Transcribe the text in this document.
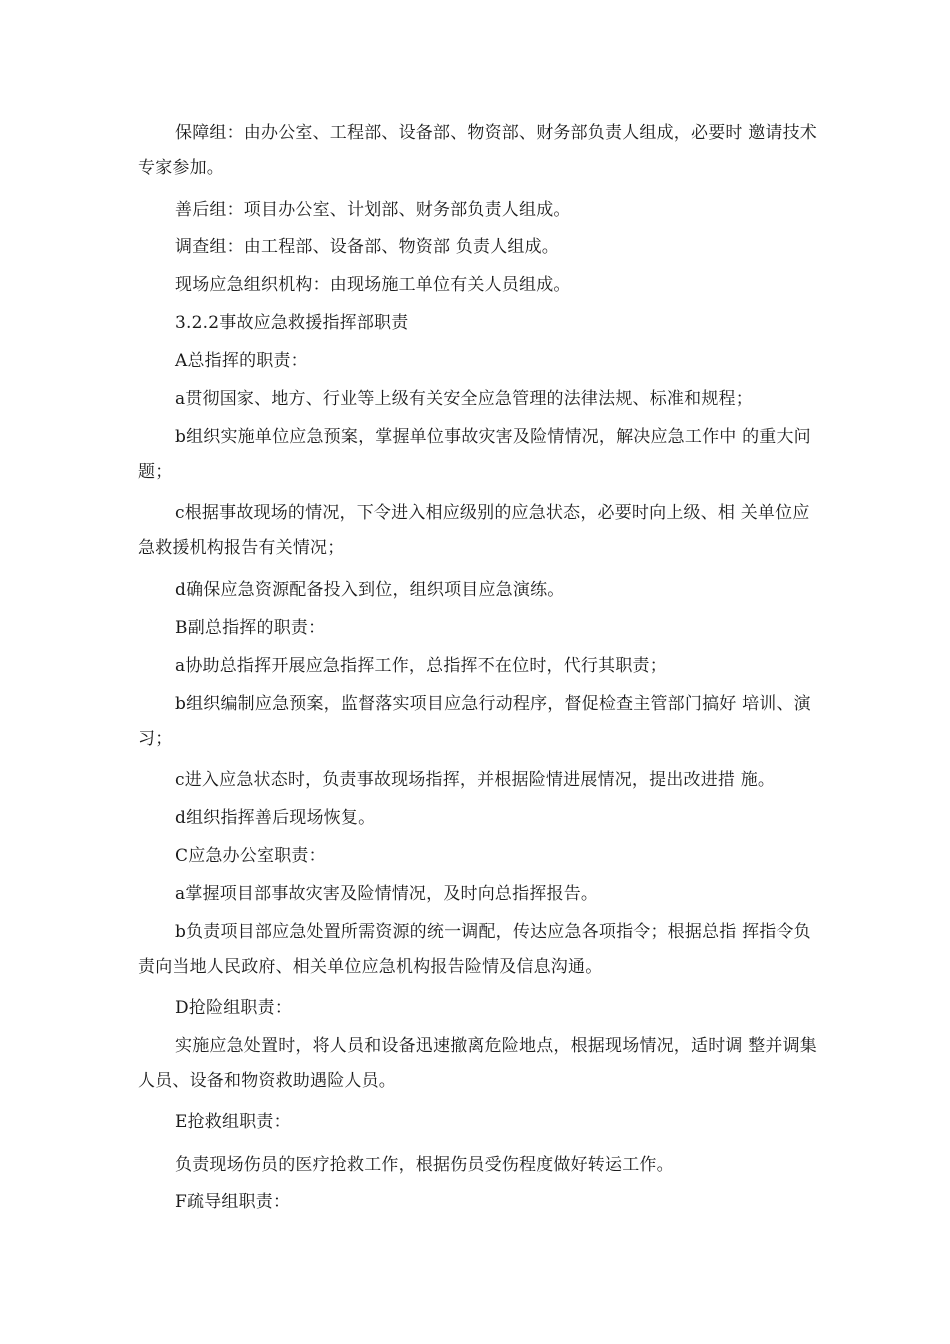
保障组：由办公室、工程部、设备部、物资部、财务部负责人组成，必要时 邀请技术专家参加。

善后组：项目办公室、计划部、财务部负责人组成。

调查组：由工程部、设备部、物资部 负责人组成。

现场应急组织机构：由现场施工单位有关人员组成。

3.2.2事故应急救援指挥部职责

A总指挥的职责：

a贯彻国家、地方、行业等上级有关安全应急管理的法律法规、标准和规程；

b组织实施单位应急预案，掌握单位事故灾害及险情情况，解决应急工作中 的重大问题；

c根据事故现场的情况，下令进入相应级别的应急状态，必要时向上级、相 关单位应急救援机构报告有关情况；

d确保应急资源配备投入到位，组织项目应急演练。

B副总指挥的职责：

a协助总指挥开展应急指挥工作，总指挥不在位时，代行其职责；

b组织编制应急预案，监督落实项目应急行动程序，督促检查主管部门搞好 培训、演习；

c进入应急状态时，负责事故现场指挥，并根据险情进展情况，提出改进措 施。

d组织指挥善后现场恢复。

C应急办公室职责：

a掌握项目部事故灾害及险情情况，及时向总指挥报告。

b负责项目部应急处置所需资源的统一调配，传达应急各项指令；根据总指 挥指令负责向当地人民政府、相关单位应急机构报告险情及信息沟通。

D抢险组职责：

实施应急处置时，将人员和设备迅速撤离危险地点，根据现场情况，适时调 整并调集人员、设备和物资救助遇险人员。

E抢救组职责：

负责现场伤员的医疗抢救工作，根据伤员受伤程度做好转运工作。

F疏导组职责：
